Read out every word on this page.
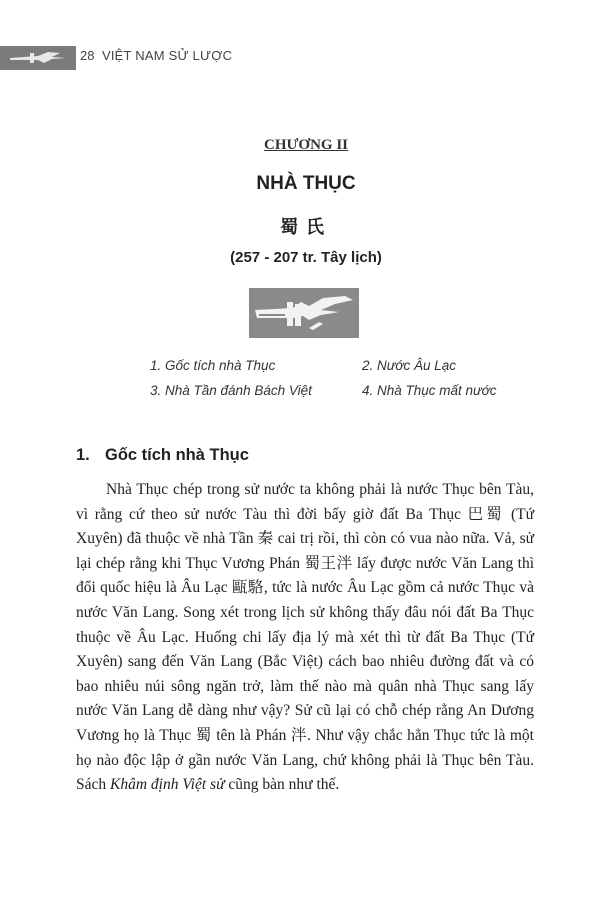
28 VIỆT NAM SỬ LƯỢC
CHƯƠNG II
NHÀ THỤC
蜀氏
(257 - 207 tr. Tây lịch)
1. Gốc tích nhà Thục	2. Nước Âu Lạc
3. Nhà Tần đánh Bách Việt	4. Nhà Thục mất nước
1. Gốc tích nhà Thục

Nhà Thục chép trong sử nước ta không phải là nước Thục bên Tàu, vì rằng cứ theo sử nước Tàu thì đời bấy giờ đất Ba Thục 巴蜀 (Tứ Xuyên) đã thuộc về nhà Tần 秦 cai trị rồi, thì còn có vua nào nữa. Vả, sử lại chép rằng khi Thục Vương Phán 蜀王泮 lấy được nước Văn Lang thì đổi quốc hiệu là Âu Lạc 甌駱, tức là nước Âu Lạc gồm cả nước Thục và nước Văn Lang. Song xét trong lịch sử không thấy đâu nói đất Ba Thục thuộc về Âu Lạc. Huống chi lấy địa lý mà xét thì từ đất Ba Thục (Tứ Xuyên) sang đến Văn Lang (Bắc Việt) cách bao nhiêu đường đất và có bao nhiêu núi sông ngăn trở, làm thế nào mà quân nhà Thục sang lấy nước Văn Lang dễ dàng như vậy? Sử cũ lại có chỗ chép rằng An Dương Vương họ là Thục 蜀 tên là Phán 泮. Như vậy chắc hẳn Thục tức là một họ nào độc lập ở gần nước Văn Lang, chứ không phải là Thục bên Tàu. Sách Khâm định Việt sử cũng bàn như thế.
